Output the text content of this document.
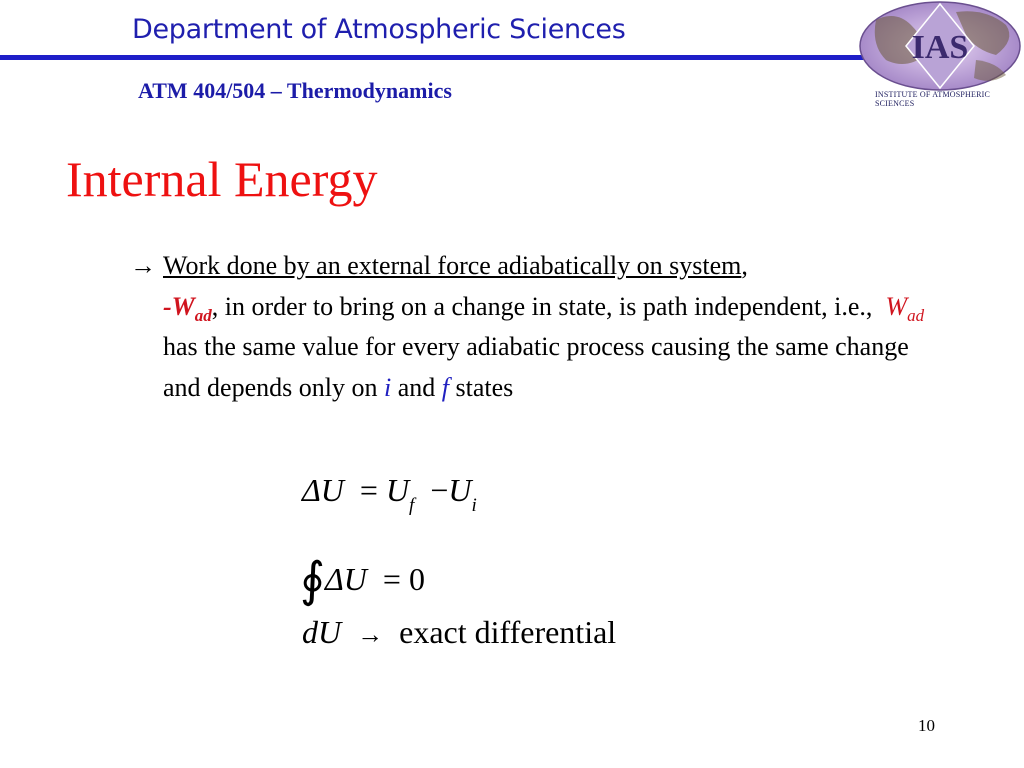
Department of Atmospheric Sciences
ATM 404/504 – Thermodynamics
IAS
INSTITUTE OF ATMOSPHERIC SCIENCES
Internal Energy
→ Work done by an external force adiabatically on system,
$-W_{ad}$, in order to bring on a change in state, is path independent, i.e., $W_{ad}$ has the same value for every adiabatic process causing the same change and depends only on i and f states
$\Delta U = U_f -U_i$
∮ΔU = 0
dU → exact differential
10
